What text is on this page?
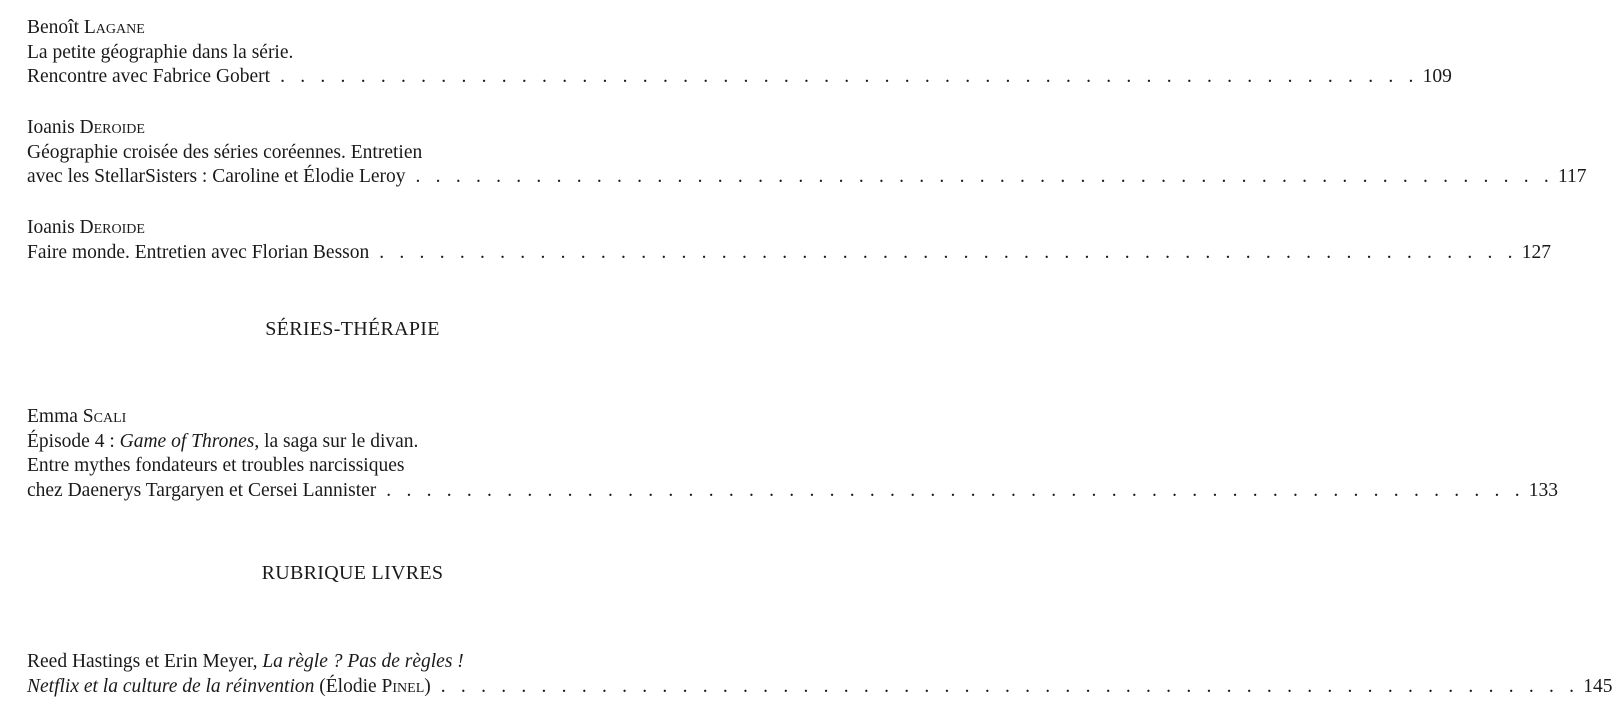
Benoît Lagane
La petite géographie dans la série.
Rencontre avec Fabrice Gobert . . . . . . . . . . . . . . . . . . . . . . . . . . . . . . . . . . . . . . . . . . . . . . . . . . . . . . . . . 109
Ioanis Deroide
Géographie croisée des séries coréennes. Entretien
avec les StellarSisters : Caroline et Élodie Leroy . . . . . . . . . . . . . . . . . . . . . . . . . . . . . . . . . . . . . . . . . . . . . . . . . . . . . . . . . 117
Ioanis Deroide
Faire monde. Entretien avec Florian Besson . . . . . . . . . . . . . . . . . . . . . . . . . . . . . . . . . . . . . . . . . . . . . . . . . . . . . . . . . 127
SÉRIES-THÉRAPIE
Emma Scali
Épisode 4 : Game of Thrones, la saga sur le divan.
Entre mythes fondateurs et troubles narcissiques
chez Daenerys Targaryen et Cersei Lannister . . . . . . . . . . . . . . . . . . . . . . . . . . . . . . . . . . . . . . . . . . . . . . . . . . . . . . . . . 133
RUBRIQUE LIVRES
Reed Hastings et Erin Meyer, La règle ? Pas de règles !
Netflix et la culture de la réinvention (Élodie Pinel) . . . . . . . . . . . . . . . . . . . . . . . . . . . . . . . . . . . . . . . . . . . . . . . . . . . . . . . . . 145
